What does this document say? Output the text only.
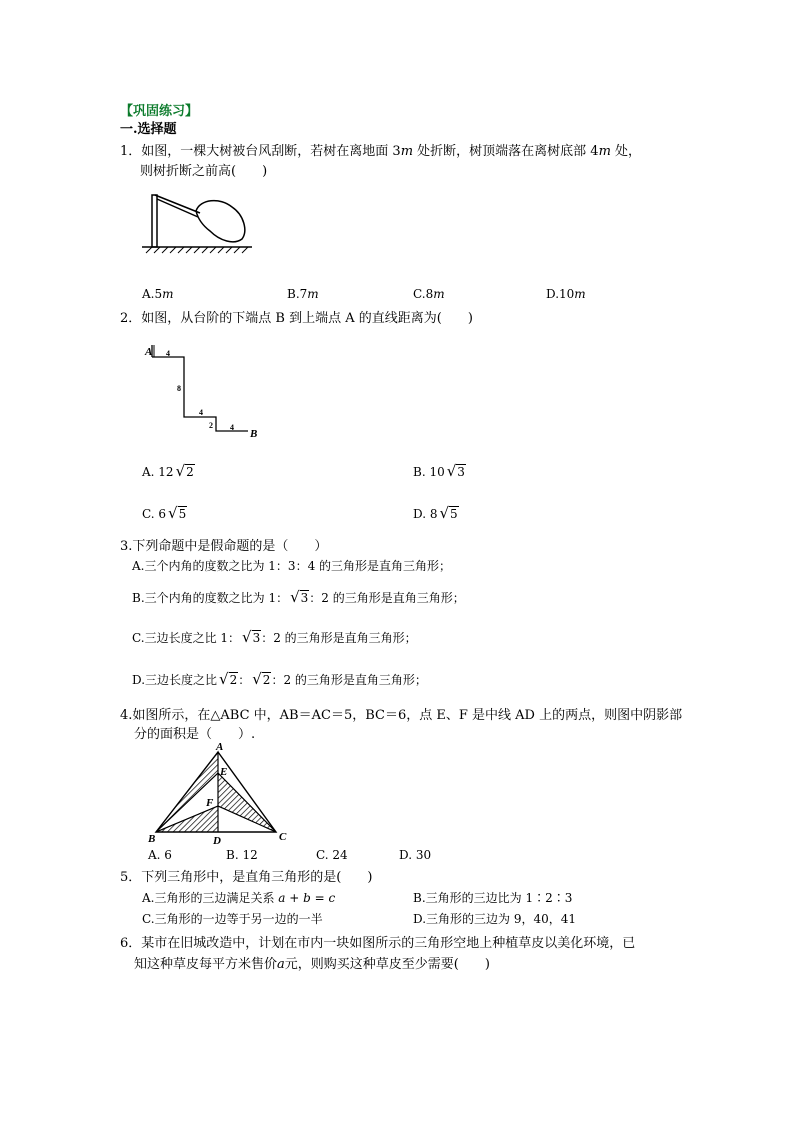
【巩固练习】
一.选择题
1．如图，一棵大树被台风刮断，若树在离地面 3m 处折断，树顶端落在离树底部 4m 处，
则树折断之前高(　　)
A.5m	B.7m	C.8m	D.10m
2．如图，从台阶的下端点 B 到上端点 A 的直线距离为(　　)
A 4
8
4
2 4
B
A. 12 √2	B. 10 √3
C. 6 √5	D. 8 √5
3.下列命题中是假命题的是（　　）
A.三个内角的度数之比为 1：3：4 的三角形是直角三角形；
B.三个内角的度数之比为 1： √3：2 的三角形是直角三角形；
C.三边长度之比 1： √3：2 的三角形是直角三角形；
D.三边长度之比 √2： √2：2 的三角形是直角三角形；
4.如图所示，在△ABC 中，AB＝AC＝5，BC＝6，点 E、F 是中线 AD 上的两点，则图中阴影部
分的面积是（　　）.
A
E
F
B	D	C
A. 6	B. 12	C. 24	D. 30
5．下列三角形中，是直角三角形的是(　　)
A.三角形的三边满足关系 a + b = c	B.三角形的三边比为 1∶2∶3
C.三角形的一边等于另一边的一半	D.三角形的三边为 9，40，41
6．某市在旧城改造中，计划在市内一块如图所示的三角形空地上种植草皮以美化环境，已
知这种草皮每平方米售价a元，则购买这种草皮至少需要(　　)
